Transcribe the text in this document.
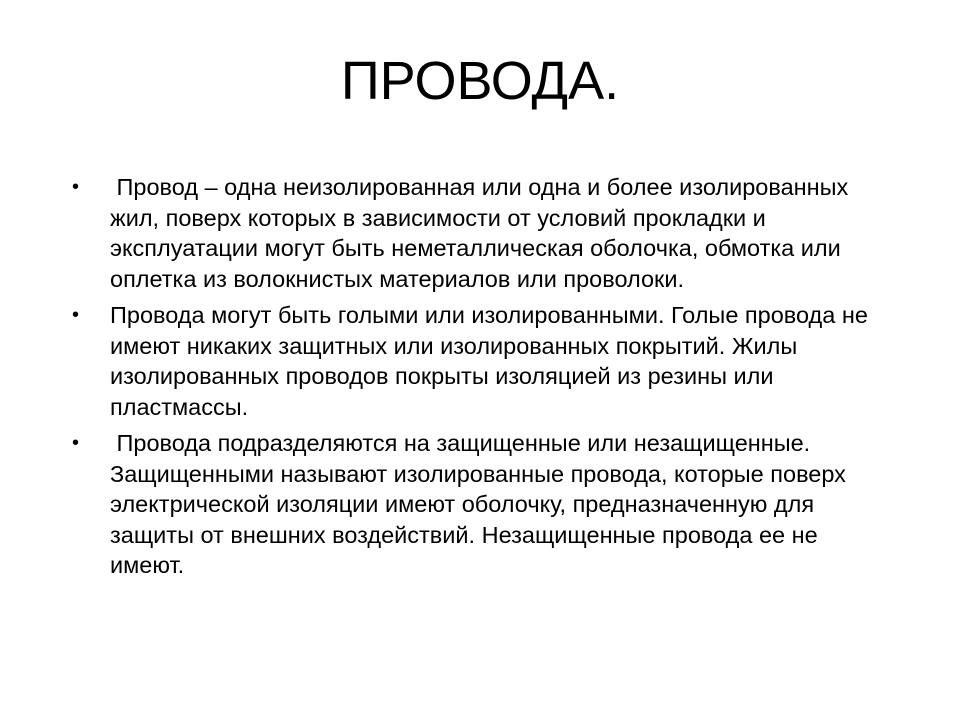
ПРОВОДА.
•	Провод – одна неизолированная или одна и более изолированных жил, поверх которых в зависимости от условий прокладки и эксплуатации могут быть неметаллическая оболочка, обмотка или оплетка из волокнистых материалов или проволоки.
•	Провода могут быть голыми или изолированными. Голые провода не имеют никаких защитных или изолированных покрытий. Жилы изолированных проводов покрыты изоляцией из резины или пластмассы.
•	Провода подразделяются на защищенные или незащищенные. Защищенными называют изолированные провода, которые поверх электрической изоляции имеют оболочку, предназначенную для защиты от внешних воздействий. Незащищенные провода ее не имеют.
